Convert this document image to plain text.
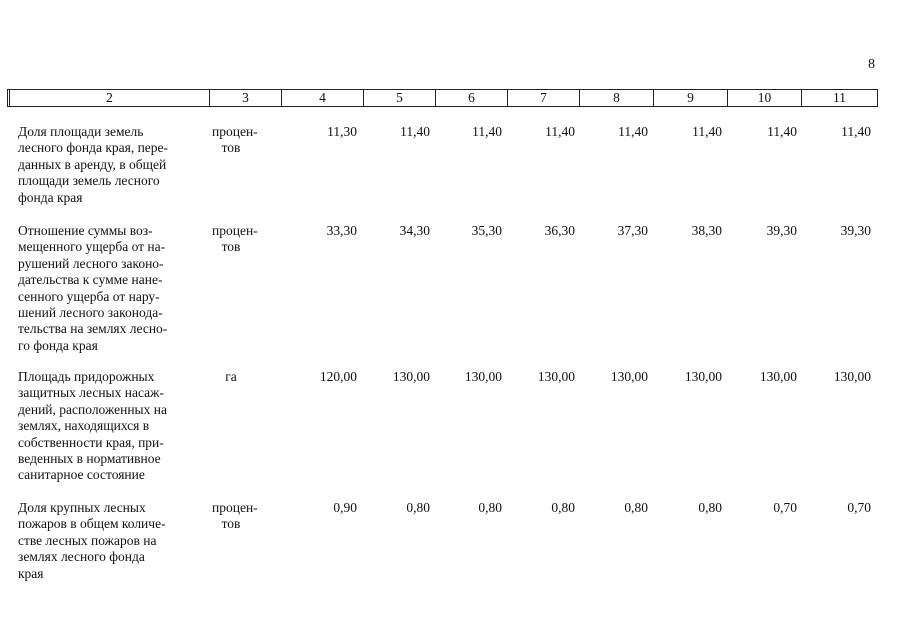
8
	2	3	4	5	6	7	8	9	10	11
Доля площади земель
лесного фонда края, пере-
данных в аренду, в общей
площади земель лесного
фонда края
процен-
тов
11,30	11,40	11,40	11,40	11,40	11,40	11,40	11,40
Отношение суммы воз-
мещенного ущерба от на-
рушений лесного законо-
дательства к сумме нане-
сенного ущерба от нару-
шений лесного законода-
тельства на землях лесно-
го фонда края
процен-
тов
33,30	34,30	35,30	36,30	37,30	38,30	39,30	39,30
Площадь придорожных
защитных лесных насаж-
дений, расположенных на
землях, находящихся в
собственности края, при-
веденных в нормативное
санитарное состояние
га	120,00	130,00	130,00	130,00	130,00	130,00	130,00	130,00
Доля крупных лесных
пожаров в общем количе-
стве лесных пожаров на
землях лесного фонда
края
процен-
тов
0,90	0,80	0,80	0,80	0,80	0,80	0,70	0,70
